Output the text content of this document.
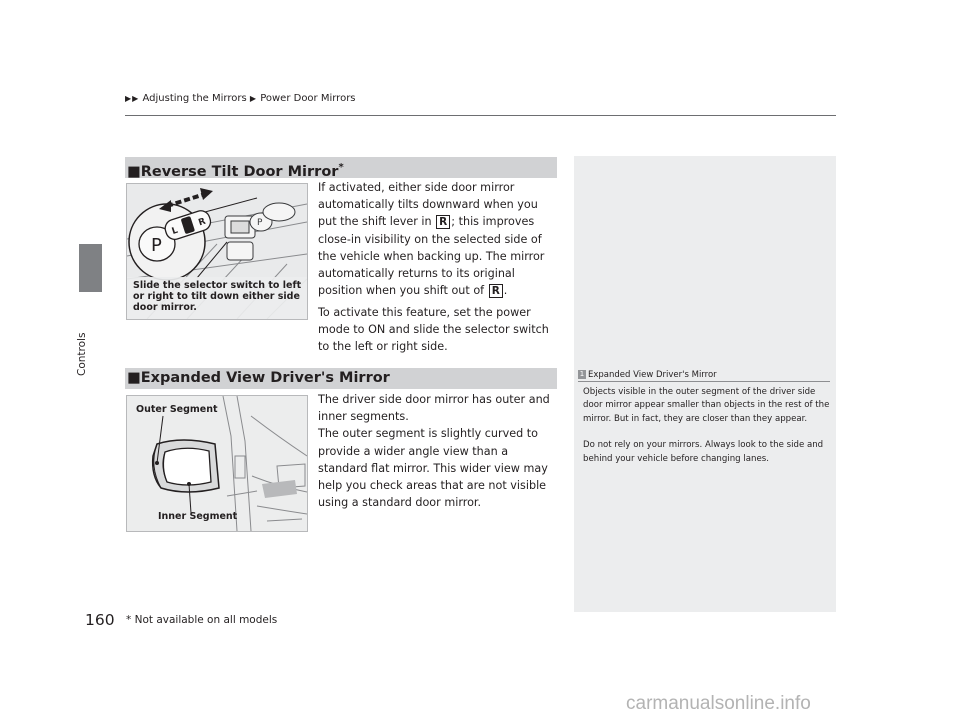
Controls
▶▶ Adjusting the Mirrors ▶ Power Door Mirrors
■Reverse Tilt Door Mirror*
P
P
L
R
Slide the selector switch to left or right to tilt down either side door mirror.
If activated, either side door mirror automatically tilts downward when you put the shift lever in R ; this improves close-in visibility on the selected side of the vehicle when backing up. The mirror automatically returns to its original position when you shift out of R .
To activate this feature, set the power mode to ON and slide the selector switch to the left or right side.
■Expanded View Driver's Mirror
Outer Segment
Inner Segment
The driver side door mirror has outer and inner segments.
The outer segment is slightly curved to provide a wider angle view than a standard flat mirror. This wider view may help you check areas that are not visible using a standard door mirror.
1 Expanded View Driver's Mirror
Objects visible in the outer segment of the driver side door mirror appear smaller than objects in the rest of the mirror. But in fact, they are closer than they appear.
Do not rely on your mirrors. Always look to the side and behind your vehicle before changing lanes.
160 * Not available on all models
carmanualsonline.info
